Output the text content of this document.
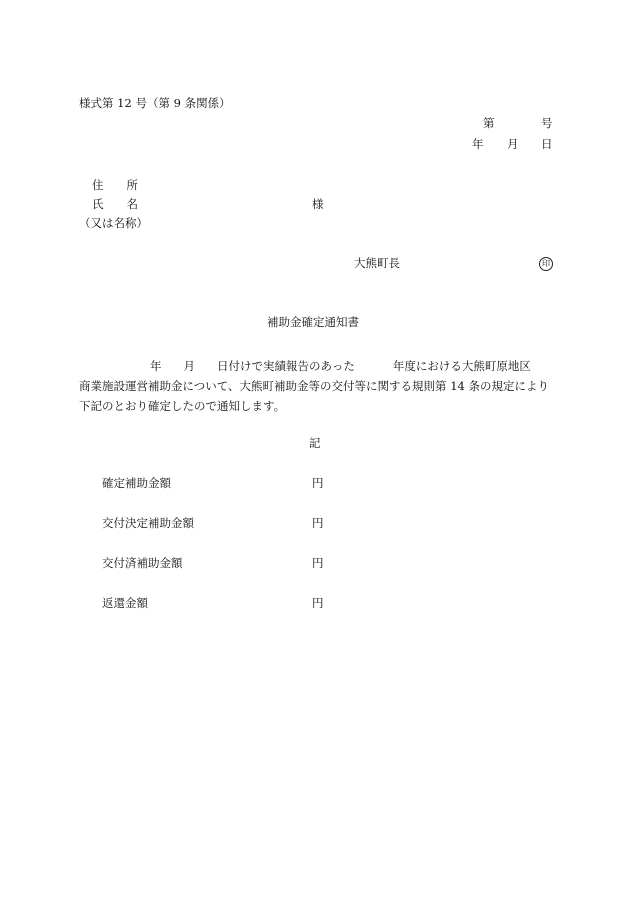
様式第 12 号（第 9 条関係）
第	号
年 月 日
住　　所
氏　　名	様
（又は名称）
大熊町長	印
補助金確定通知書
年 月 日付けで実績報告のあった	年度における大熊町原地区
商業施設運営補助金について、大熊町補助金等の交付等に関する規則第 14 条の規定により
下記のとおり確定したので通知します。
記
確定補助金額	円
交付決定補助金額	円
交付済補助金額	円
返還金額	円
